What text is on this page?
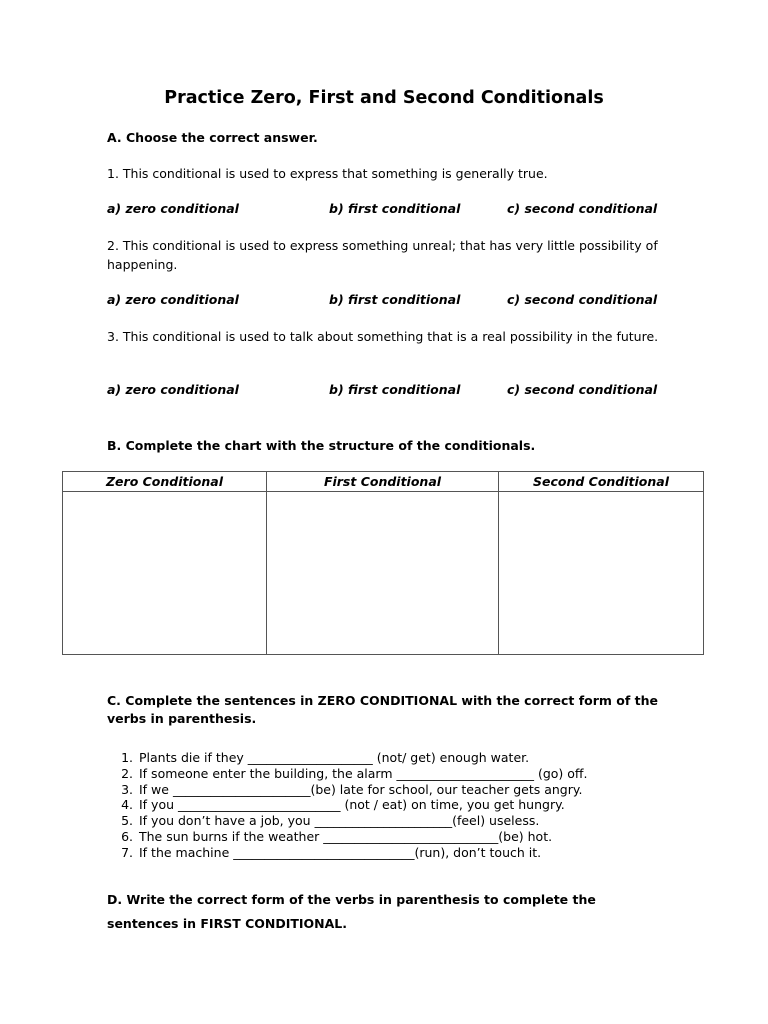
Practice Zero, First and Second Conditionals
A. Choose the correct answer.
1. This conditional is used to express that something is generally true.
a) zero conditional	b) first conditional	c) second conditional
2. This conditional is used to express something unreal; that has very little possibility of happening.
a) zero conditional	b) first conditional	c) second conditional
3. This conditional is used to talk about something that is a real possibility in the future.
a) zero conditional	b) first conditional	c) second conditional
B. Complete the chart with the structure of the conditionals.
Zero Conditional	First Conditional	Second Conditional

C. Complete the sentences in ZERO CONDITIONAL with the correct form of the
verbs in parenthesis.
1. Plants die if they ____________________ (not/ get) enough water.
2. If someone enter the building, the alarm ______________________ (go) off.
3. If we ______________________(be) late for school, our teacher gets angry.
4. If you __________________________ (not / eat) on time, you get hungry.
5. If you don’t have a job, you ______________________(feel) useless.
6. The sun burns if the weather ____________________________(be) hot.
7. If the machine _____________________________(run), don’t touch it.
D. Write the correct form of the verbs in parenthesis to complete the
sentences in FIRST CONDITIONAL.
